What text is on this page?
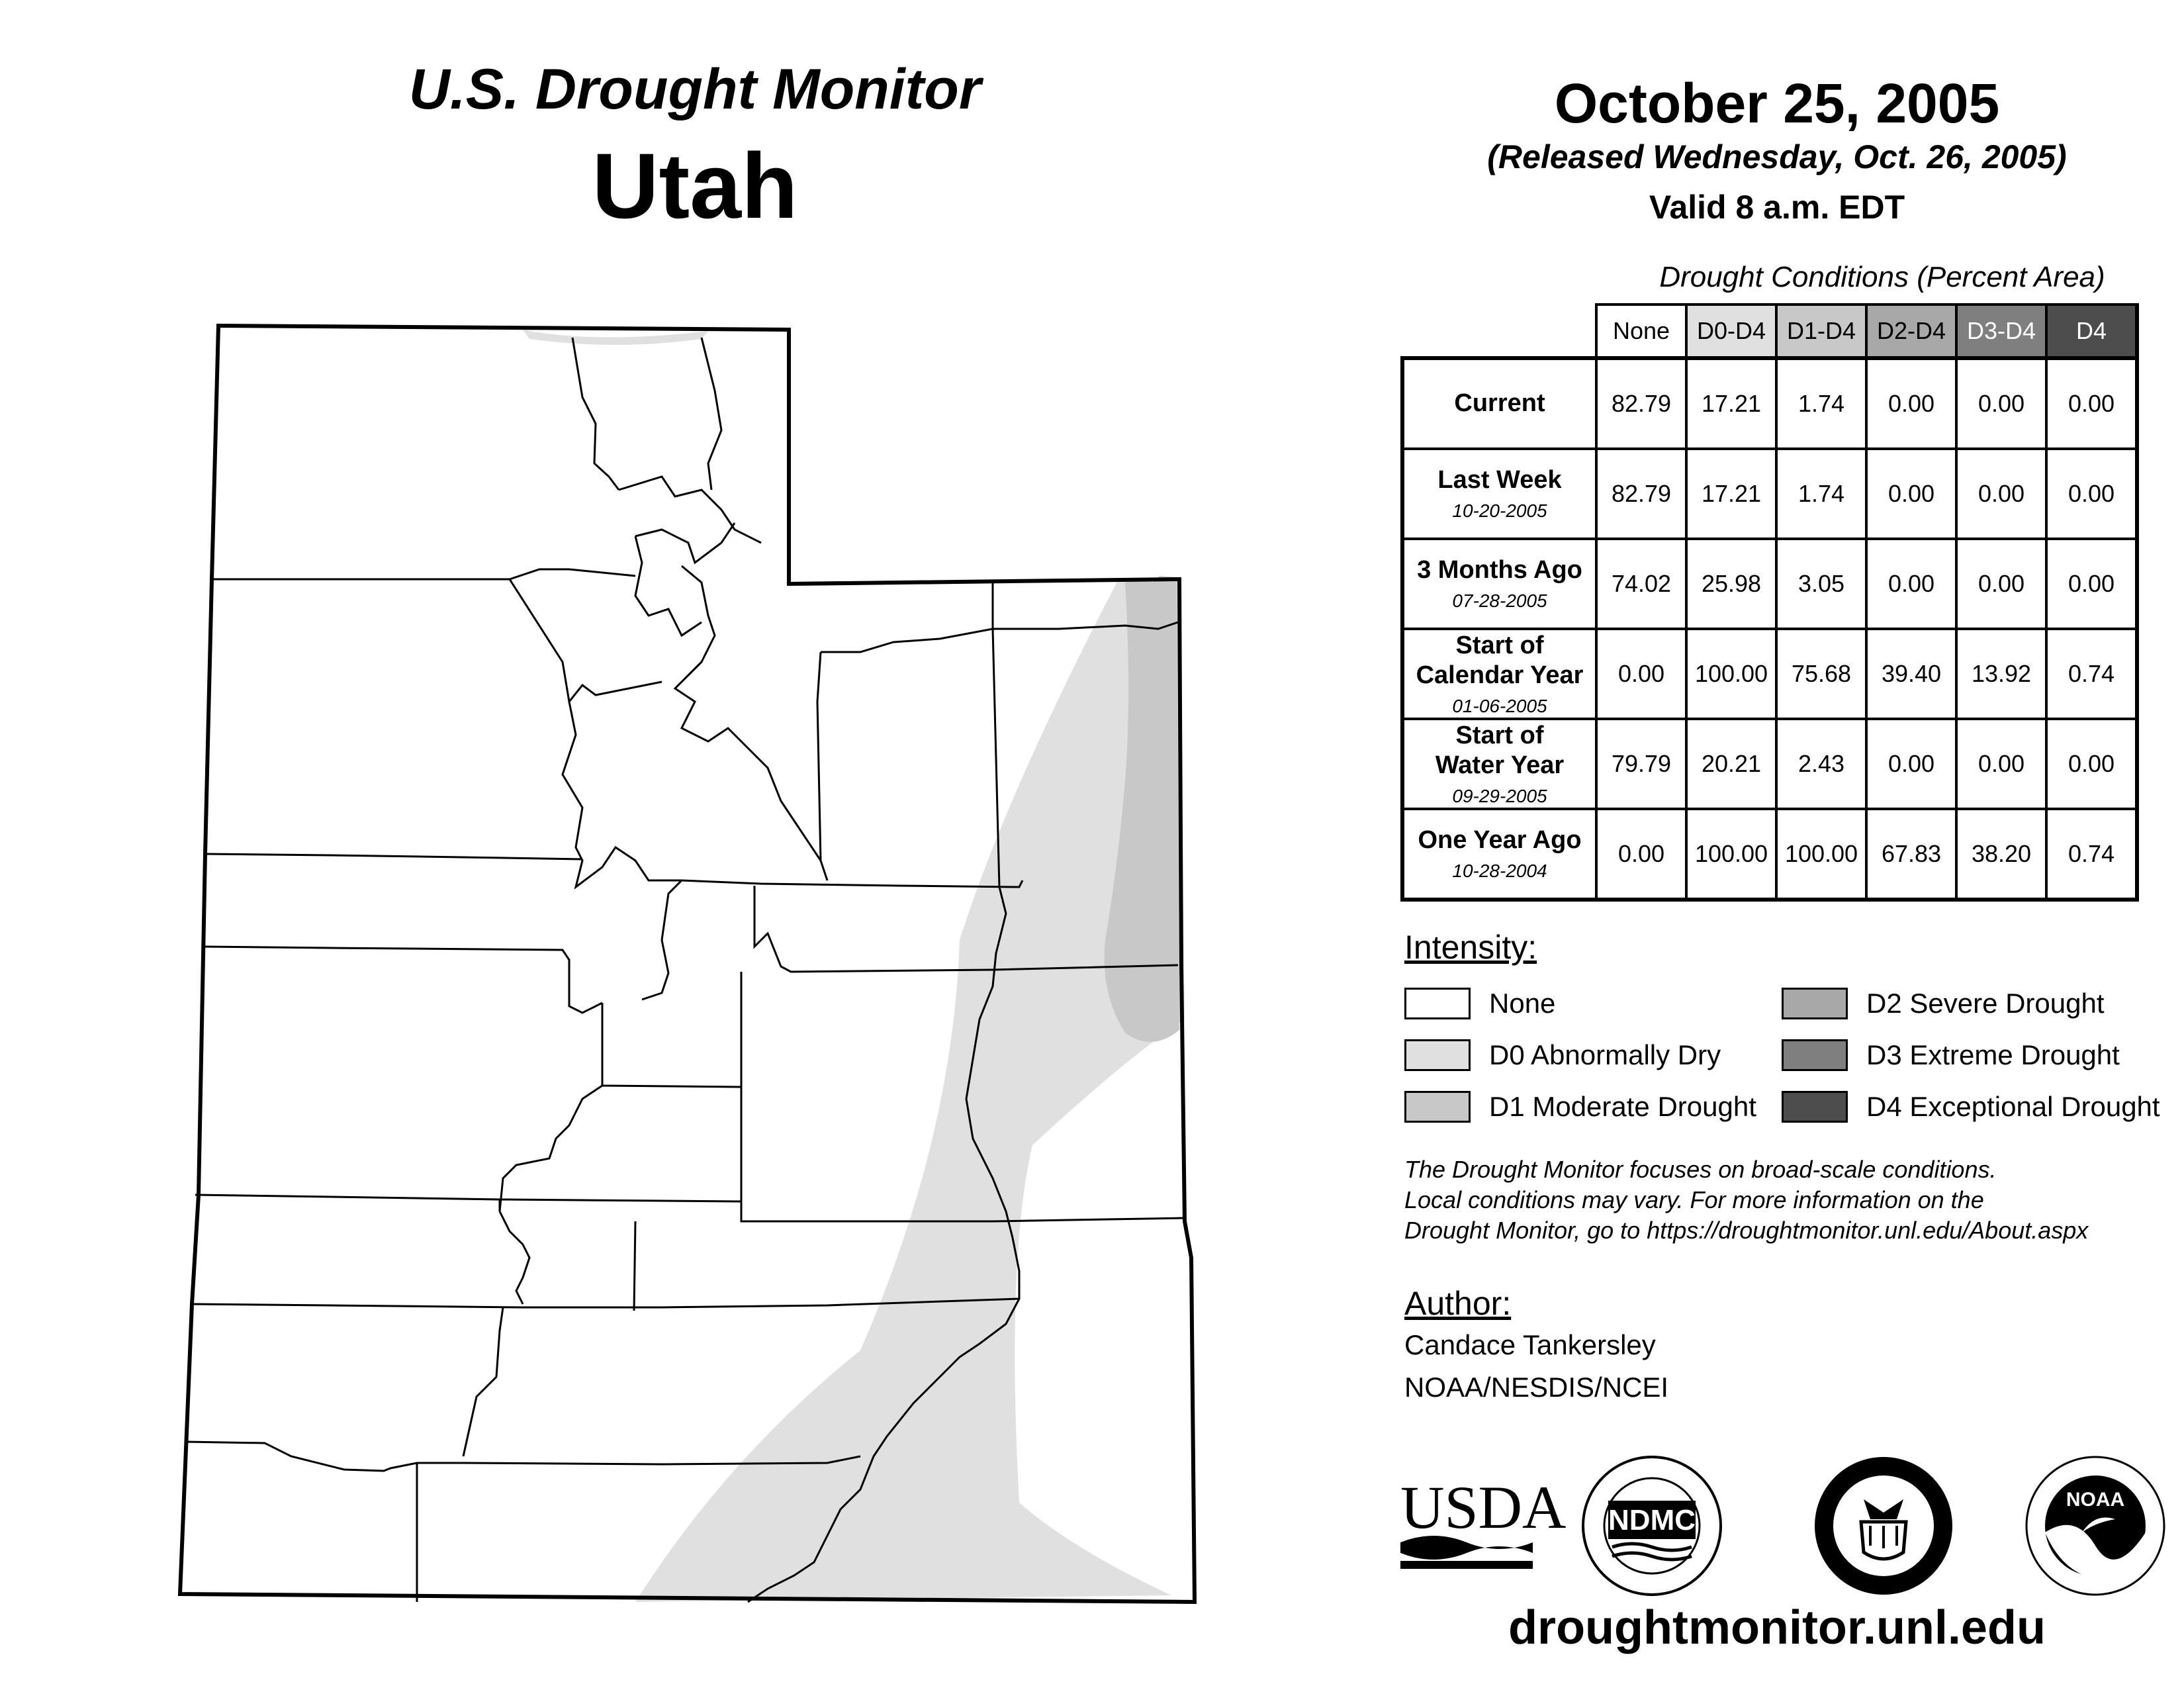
U.S. Drought Monitor
Utah
October 25, 2005
(Released Wednesday, Oct. 26, 2005)
Valid 8 a.m. EDT
Drought Conditions (Percent Area)
	None	D0-D4	D1-D4	D2-D4	D3-D4	D4

Current	82.79	17.21	1.74	0.00	0.00	0.00

Last Week
10-20-2005	82.79	17.21	1.74	0.00	0.00	0.00

3 Months Ago
07-28-2005	74.02	25.98	3.05	0.00	0.00	0.00

Start of
Calendar Year
01-06-2005	0.00	100.00	75.68	39.40	13.92	0.74

Start of
Water Year
09-29-2005	79.79	20.21	2.43	0.00	0.00	0.00

One Year Ago
10-28-2004	0.00	100.00	100.00	67.83	38.20	0.74
Intensity:
None
D0 Abnormally Dry
D1 Moderate Drought
D2 Severe Drought
D3 Extreme Drought
D4 Exceptional Drought
The Drought Monitor focuses on broad-scale conditions.
Local conditions may vary. For more information on the
Drought Monitor, go to https://droughtmonitor.unl.edu/About.aspx
Author:
Candace Tankersley
NOAA/NESDIS/NCEI
USDA NDMC
NOAA
droughtmonitor.unl.edu
